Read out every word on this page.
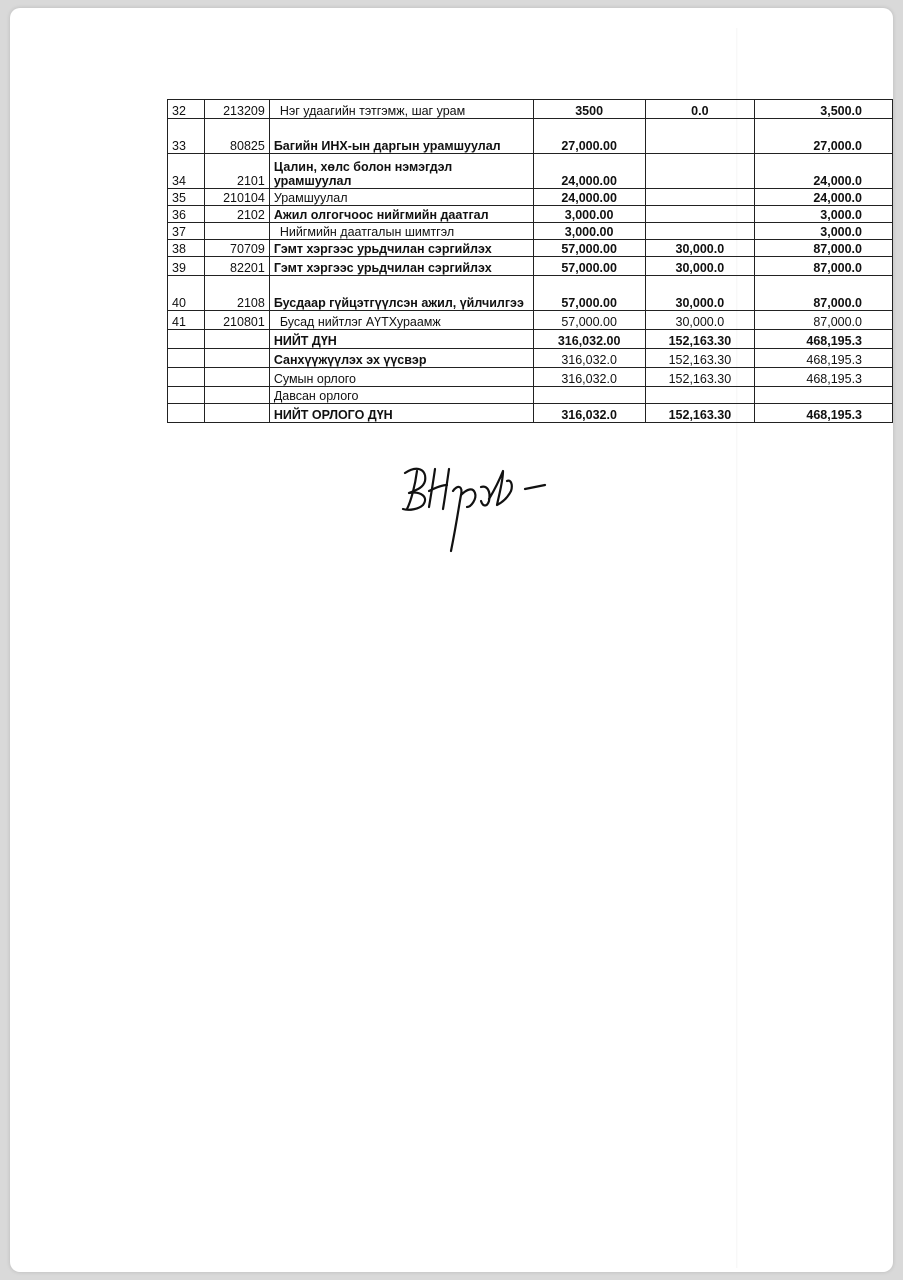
32	213209	Нэг удаагийн тэтгэмж, шаг урам	3500	0.0	3,500.0
33	80825	Багийн ИНХ-ын даргын урамшуулал	27,000.00		27,000.0
34	2101	Цалин, хөлс болон нэмэгдэл урамшуулал	24,000.00		24,000.0
35	210104	Урамшуулал	24,000.00		24,000.0
36	2102	Ажил олгогчоос нийгмийн даатгал	3,000.00		3,000.0
37		Нийгмийн даатгалын шимтгэл	3,000.00		3,000.0
38	70709	Гэмт хэргээс урьдчилан сэргийлэх	57,000.00	30,000.0	87,000.0
39	82201	Гэмт хэргээс урьдчилан сэргийлэх	57,000.00	30,000.0	87,000.0
40	2108	Бусдаар гүйцэтгүүлсэн ажил, үйлчилгээ	57,000.00	30,000.0	87,000.0
41	210801	Бусад нийтлэг АҮТХураамж	57,000.00	30,000.0	87,000.0
		НИЙТ ДҮН	316,032.00	152,163.30	468,195.3
		Санхүүжүүлэх эх үүсвэр	316,032.0	152,163.30	468,195.3
		Сумын орлого	316,032.0	152,163.30	468,195.3
		Давсан орлого			
		НИЙТ ОРЛОГО ДҮН	316,032.0	152,163.30	468,195.3
